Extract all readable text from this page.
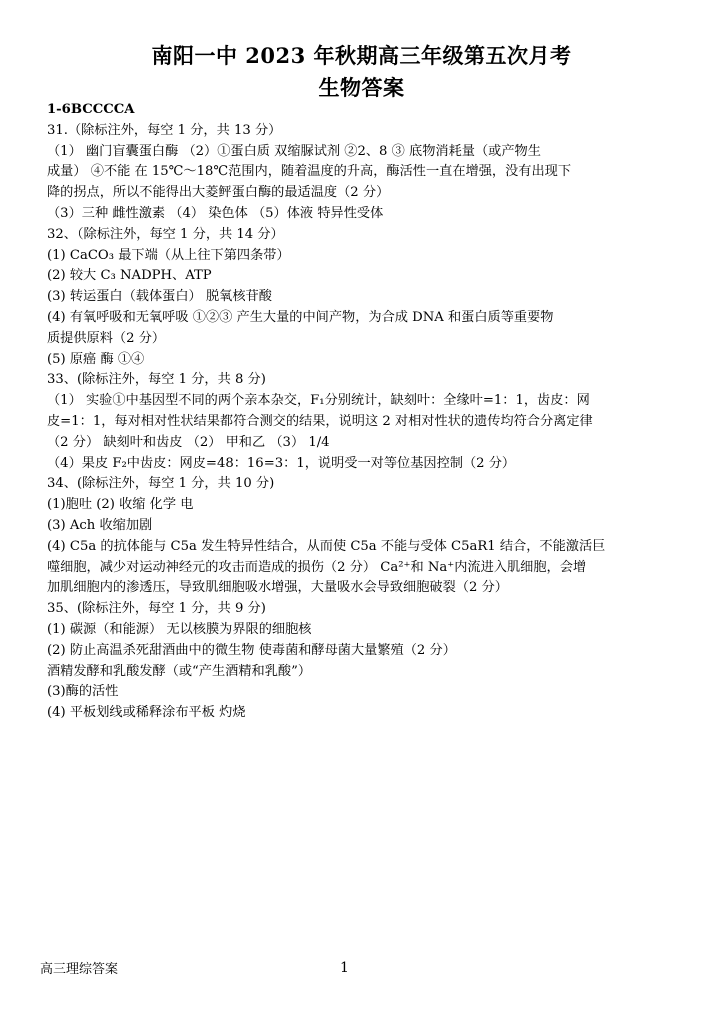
南阳一中 2023 年秋期高三年级第五次月考
生物答案
1-6BCCCCA
31.（除标注外，每空 1 分，共 13 分）
（1） 幽门盲囊蛋白酶 （2）①蛋白质 双缩脲试剂 ②2、8 ③ 底物消耗量（或产物生
成量） ④不能 在 15℃～18℃范围内，随着温度的升高，酶活性一直在增强，没有出现下
降的拐点，所以不能得出大菱鲆蛋白酶的最适温度（2 分）
（3）三种 雌性激素 （4） 染色体 （5）体液 特异性受体
32、（除标注外，每空 1 分，共 14 分）
(1) CaCO₃ 最下端（从上往下第四条带）
(2) 较大 C₃ NADPH、ATP
(3) 转运蛋白（载体蛋白） 脱氧核苷酸
(4) 有氧呼吸和无氧呼吸 ①②③ 产生大量的中间产物，为合成 DNA 和蛋白质等重要物
质提供原料（2 分）
(5) 原癌 酶 ①④
33、(除标注外，每空 1 分，共 8 分)
（1） 实验①中基因型不同的两个亲本杂交，F₁分别统计，缺刻叶：全缘叶=1：1，齿皮：网
皮=1：1，每对相对性状结果都符合测交的结果，说明这 2 对相对性状的遗传均符合分离定律
（2 分） 缺刻叶和齿皮 （2） 甲和乙 （3） 1/4
（4）果皮 F₂中齿皮：网皮=48：16=3：1，说明受一对等位基因控制（2 分）
34、(除标注外，每空 1 分，共 10 分)
(1)胞吐 (2) 收缩 化学 电
(3) Ach 收缩加剧
(4) C5a 的抗体能与 C5a 发生特异性结合，从而使 C5a 不能与受体 C5aR1 结合，不能激活巨
噬细胞，减少对运动神经元的攻击而造成的损伤（2 分） Ca²⁺和 Na⁺内流进入肌细胞，会增
加肌细胞内的渗透压，导致肌细胞吸水增强，大量吸水会导致细胞破裂（2 分）
35、(除标注外，每空 1 分，共 9 分)
(1) 碳源（和能源） 无以核膜为界限的细胞核
(2) 防止高温杀死甜酒曲中的微生物 使毒菌和酵母菌大量繁殖（2 分）
酒精发酵和乳酸发酵（或“产生酒精和乳酸”）
(3)酶的活性
(4) 平板划线或稀释涂布平板 灼烧
高三理综答案	1
